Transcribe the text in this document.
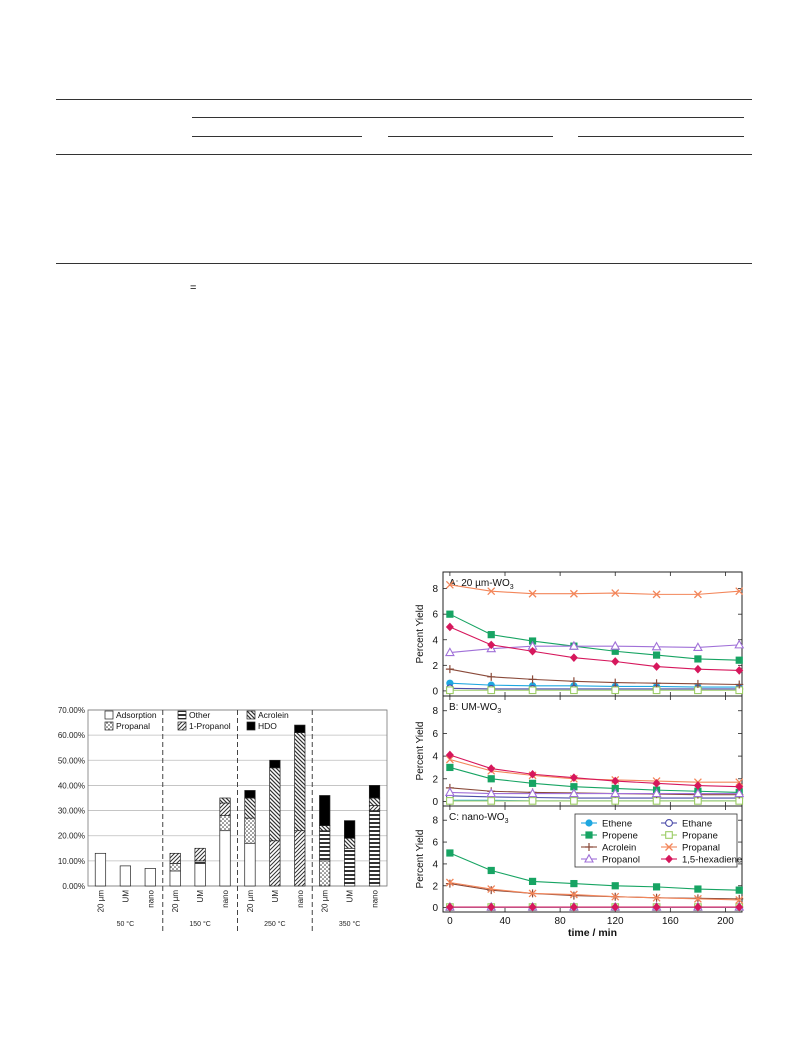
=
0.00%
10.00%
20.00%
30.00%
40.00%
50.00%
60.00%
70.00%
20 µm UM nano 20 µm UM nano 20 µm UM nano 20 µm UM nano
50 °C	150 °C	250 °C	350 °C
Adsorption
Propanal
Other
1-Propanol
Acrolein
HDO
0
2
4
6
8
A: 20 $\mu m-WO_3$
Percent Yield
0
2
4
6
8 B: $UM-WO_3$
Percent Yield
0
2
4
6
8 C: nano-$WO_3$
Percent Yield
0	40	80	120	160	200
time / min
Ethene	Ethane
Propene	Propane
Acrolein	Propanal
Propanol	1,5-hexadiene
